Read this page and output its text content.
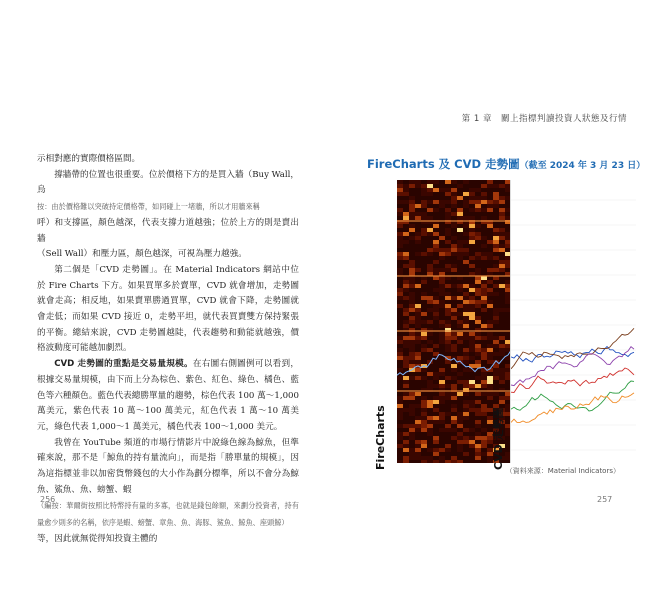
示相對應的實際價格區間。

撐牆帶的位置也很重要。位於價格下方的是買入牆（Buy Wall，烏

按：由於價格難以突破持定價格帶，如同碰上一堵牆，所以才用牆來稱

呼）和支撐區，顏色越深，代表支撐力道越強；位於上方的則是賣出牆

（Sell Wall）和壓力區，顏色越深，可視為壓力越強。

第二個是「CVD 走勢圖」。在 Material Indicators 網站中位於 Fire Charts 下方。如果買單多於賣單，CVD 就會增加，走勢圖就會走高；相反地，如果賣單勝過買單，CVD 就會下降，走勢圖就會走低；而如果 CVD 接近 0，走勢平坦，就代表買賣雙方保持緊張的平衡。總結來說，CVD 走勢圖越陡，代表趨勢和動能就越強，價格波動度可能越加劇烈。

CVD 走勢圖的重點是交易量規模。在右圖右側圖例可以看到，根據交易量規模，由下而上分為棕色、紫色、紅色、綠色、橘色、藍色等六種顏色。藍色代表總勝單量的趨勢，棕色代表 100 萬～1,000 萬美元，紫色代表 10 萬～100 萬美元，紅色代表 1 萬～10 萬美元，綠色代表 1,000～1 萬美元，橘色代表 100～1,000 美元。

我曾在 YouTube 頻道的市場行情影片中說綠色線為鯨魚，但準確來說，那不是「鯨魚的持有量流向」，而是指「勝單量的規模」，因為這指標並非以加密貨幣錢包的大小作為劃分標準，所以不會分為鯨魚、鯊魚、魚、螃蟹、蝦

（編按：華爾街按照比特幣持有量的多寡，也就是錢包餘額，來劃分投資者，持有量愈少則多的名稱，依序是蝦、螃蟹、章魚、魚、海豚、鯊魚、鯨魚、座頭鯨）

等，因此就無從得知投資主體的

256
第 1 章　關上指標判讀投資人狀態及行情
FireCharts 及 CVD 走勢圖（截至 2024 年 3 月 23 日）
FireCharts	CVD 走勢圖
（資料來源：Material Indicators）
257
